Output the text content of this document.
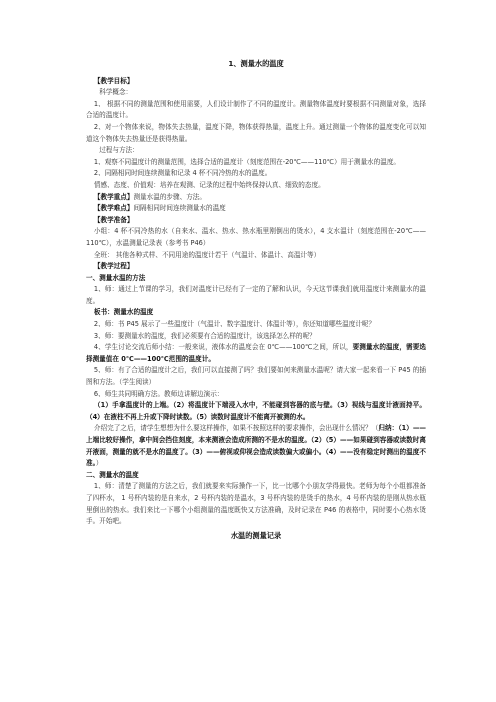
1、测量水的温度

【教学目标】

科学概念：

1、 根据不同的测量范围和使用需要，人们设计制作了不同的温度计。测量物体温度时要根据不同测量对象，选择合适的温度计。

2、对一个物体来说，物体失去热量，温度下降，物体获得热量，温度上升。通过测量一个物体的温度变化可以知道这个物体失去热量还是获得热量。

过程与方法：

1、观察不同温度计的测量范围，选择合适的温度计（刻度范围在-20℃——110℃）用于测量水的温度。

2、同隔相同时间连续测量和记录 4 杯不同冷热的水的温度。

情感、态度、价值观：培养在观测、记录的过程中始终保持认真、细致的态度。

【教学重点】测量水温的步骤、方法。

【教学难点】间隔相同时间连续测量水的温度

【教学准备】

小组：4 杯不同冷热的水（自来水、温水、热水、热水瓶里刚倒出的烫水），4 支水温计（刻度范围在-20℃——110℃），水温测量记录表（参考书 P46）

全班： 其他各种式样、不同用途的温度计若干（气温计、体温计、高温计等）

【教学过程】

一、测量水温的方法

1、师：通过上节课的学习，我们对温度计已经有了一定的了解和认识，今天这节课我们就用温度计来测量水的温度。

板书：测量水的温度

2、师：书 P45 展示了一些温度计（气温计、数字温度计、体温计等），你还知道哪些温度计呢？

3、师：要测量水的温度，我们必须要有合适的温度计，该选择怎么样的呢？

4、学生讨论交流后师小结：一般来说，液体水的温度会在 0℃——100℃之间，所以，要测量水的温度，需要选择测量值在 0℃——100℃范围的温度计。

5、师：有了合适的温度计之后，我们可以直接测了吗？我们要如何来测量水温呢？请大家一起来看一下 P45 的插图和方法。（学生阅读）

6、师生共同明确方法。教师边讲解边演示：

（1）手拿温度计的上端。（2）将温度计下端浸入水中，不能碰到容器的底与壁。（3）视线与温度计液面持平。（4）在液柱不再上升或下降时读数。（5）读数时温度计不能离开被测的水。

介绍完了之后，请学生想想为什么要这样操作，如果不按照这样的要求操作，会出现什么情况？（归纳：（1）——上端比较好操作，拿中间会挡住刻度，本来测液会造成所测的不是水的温度。（2）（5）——如果碰到容器或读数时离开液面，测量的就不是水的温度了。（3）——俯视或仰视会造成读数偏大或偏小。（4）——没有稳定时测出的温度不准。）

二、测量水的温度

1、师：清楚了测量的方法之后，我们就要来实际操作一下，比一比哪个小朋友学得最快。老师为每个小组都准备了四杯水， 1 号杯内装的是自来水，2 号杯内装的是温水，3 号杯内装的是烫手的热水，4 号杯内装的是刚从热水瓶里倒出的热水。我们来比一下哪个小组测量的温度既快又方法准确，及时记录在 P46 的表格中，同时要小心热水烫手。开始吧。

水温的测量记录
